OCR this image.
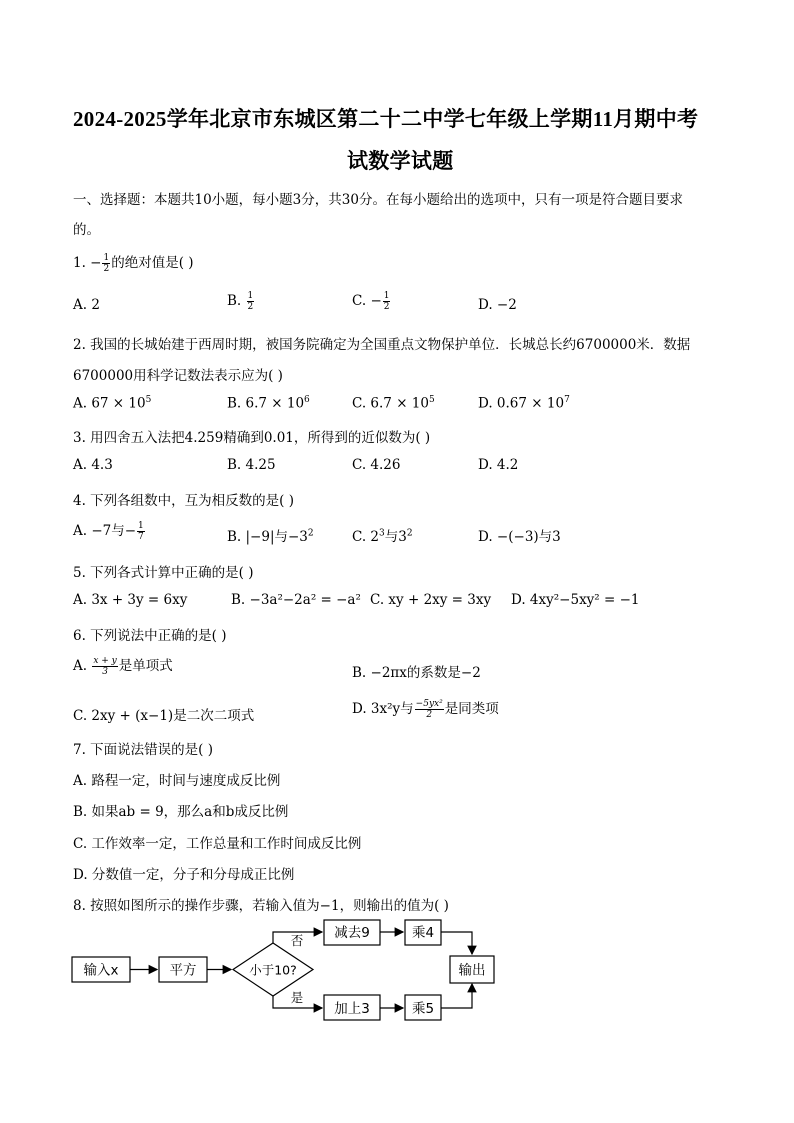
2024-2025学年北京市东城区第二十二中学七年级上学期11月期中考
试数学试题
一、选择题：本题共10小题，每小题3分，共30分。在每小题给出的选项中，只有一项是符合题目要求
的。
1. − $\frac{1}{2}$ 的绝对值是( )
A. 2	B. $\frac{1}{2}$	C. − $\frac{1}{2}$	D. −2
2. 我国的长城始建于西周时期，被国务院确定为全国重点文物保护单位．长城总长约6700000米．数据
6700000用科学记数法表示应为( )
A. $67 \times 10^5$	B. $6.7 \times 10^6$	C. $6.7 \times 10^5$	D. $0.67 \times 10^7$
3. 用四舍五入法把4.259精确到0.01，所得到的近似数为( )
A. 4.3	B. 4.25	C. 4.26	D. 4.2
4. 下列各组数中，互为相反数的是( )
A. −7与− $\frac{1}{7}$	B. |−9|与$-3^2$	C. $2^3$与$3^2$	D. −(−3)与3
5. 下列各式计算中正确的是( )
A. 3x + 3y = 6xy	B. −3a²−2a² = −a² C. xy + 2xy = 3xy D. 4xy²−5xy² = −1
6. 下列说法中正确的是( )
A. $\frac{x + y}{3}$ 是单项式	B. −2πx的系数是−2
C. 2xy + (x−1)是二次二项式	D. 3x²y与 $\frac{\text{−5yx²}}{2}$ 是同类项
7. 下面说法错误的是( )
A. 路程一定，时间与速度成反比例
B. 如果ab = 9，那么a和b成反比例
C. 工作效率一定，工作总量和工作时间成反比例
D. 分数值一定，分子和分母成正比例
8. 按照如图所示的操作步骤，若输入值为−1，则输出的值为( )
输入x	平方	小于10?
否
是
减去9	乘4
加上3	乘5
输出
